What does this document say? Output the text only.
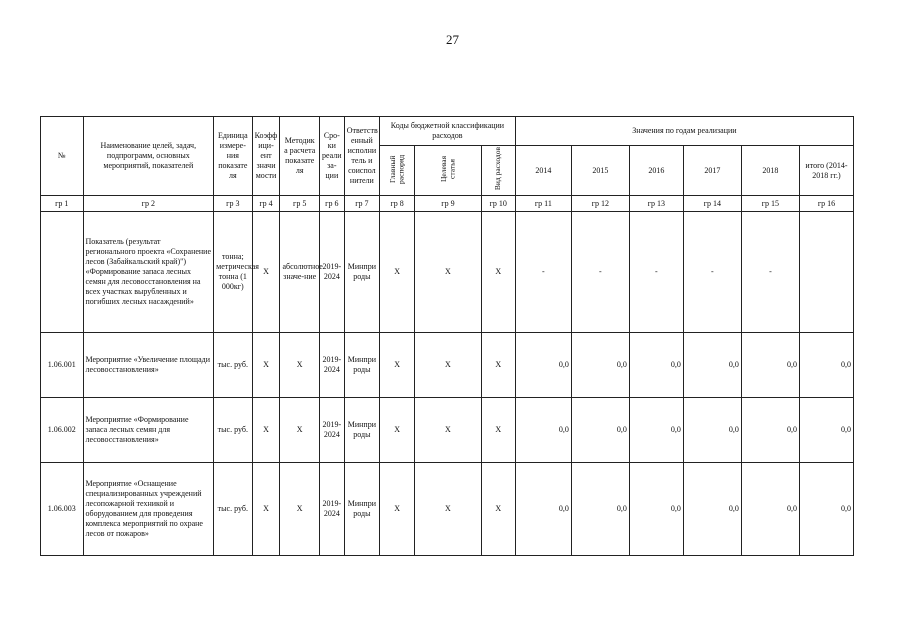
27
№	Наименование целей, задач, подпрограмм, основных мероприятий, показателей	Единица измере-ния показате ля	Коэфф ици-ент значи мости	Методик а расчета показате ля	Сро-ки реали за-ции	Ответств енный исполни тель и соиспол нители	Коды бюджетной классификации расходов			Значения по годам реализации					
							Главный распоряд	Целевая статья	Вид расходов	2014	2015	2016	2017	2018	итого (2014-2018 гг.)
гр 1	гр 2	гр 3	гр 4	гр 5	гр 6	гр 7	гр 8	гр 9	гр 10	гр 11	гр 12	гр 13	гр 14	гр 15	гр 16
	Показатель (результат регионального проекта «Сохранение лесов (Забайкальский край)") «Формирование запаса лесных семян для лесовосстановления на всех участках вырубленных и погибших лесных насаждений»	тонна; метрическая тонна (1 000кг)	Х	абсолютное значе-ние	2019-2024	Минпри роды	Х	Х	Х	-	-	-	-	-	
1.06.001	Мероприятие «Увеличение площади лесовосстановления»	тыс. руб.	Х	Х	2019-2024	Минпри роды	Х	Х	Х	0,0	0,0	0,0	0,0	0,0	0,0
1.06.002	Мероприятие «Формирование запаса лесных семян для лесовосстановления»	тыс. руб.	Х	Х	2019-2024	Минпри роды	Х	Х	Х	0,0	0,0	0,0	0,0	0,0	0,0
1.06.003	Мероприятие «Оснащение специализированных учреждений лесопожарной техникой и оборудованием для проведения комплекса мероприятий по охране лесов от пожаров»	тыс. руб.	Х	Х	2019-2024	Минпри роды	Х	Х	Х	0,0	0,0	0,0	0,0	0,0	0,0
